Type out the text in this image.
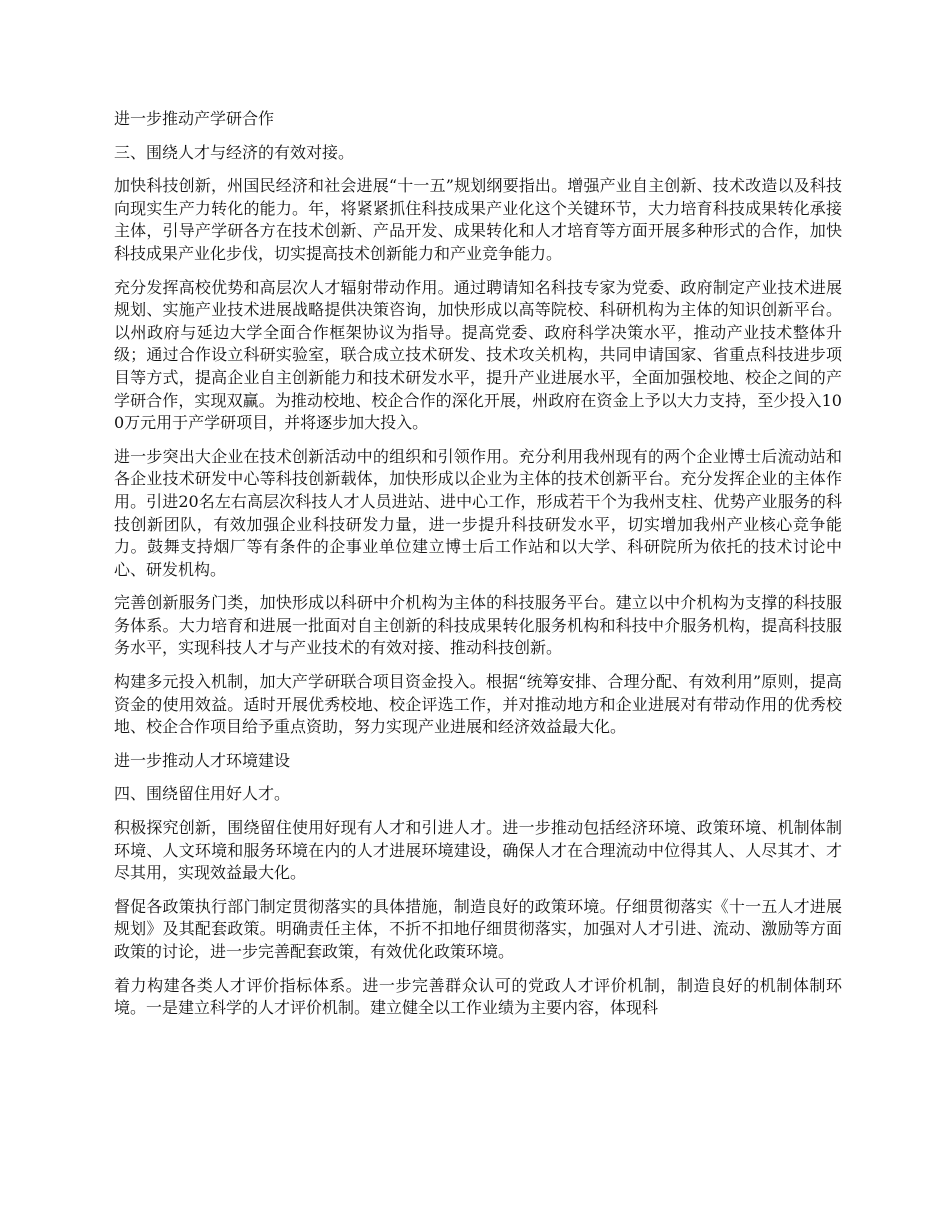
进一步推动产学研合作

三、围绕人才与经济的有效对接。

加快科技创新，州国民经济和社会进展“十一五”规划纲要指出。增强产业自主创新、技术改造以及科技向现实生产力转化的能力。年，将紧紧抓住科技成果产业化这个关键环节，大力培育科技成果转化承接主体，引导产学研各方在技术创新、产品开发、成果转化和人才培育等方面开展多种形式的合作，加快科技成果产业化步伐，切实提高技术创新能力和产业竞争能力。

充分发挥高校优势和高层次人才辐射带动作用。通过聘请知名科技专家为党委、政府制定产业技术进展规划、实施产业技术进展战略提供决策咨询，加快形成以高等院校、科研机构为主体的知识创新平台。以州政府与延边大学全面合作框架协议为指导。提高党委、政府科学决策水平，推动产业技术整体升级；通过合作设立科研实验室，联合成立技术研发、技术攻关机构，共同申请国家、省重点科技进步项目等方式，提高企业自主创新能力和技术研发水平，提升产业进展水平，全面加强校地、校企之间的产学研合作，实现双赢。为推动校地、校企合作的深化开展，州政府在资金上予以大力支持，至少投入100万元用于产学研项目，并将逐步加大投入。

进一步突出大企业在技术创新活动中的组织和引领作用。充分利用我州现有的两个企业博士后流动站和各企业技术研发中心等科技创新载体，加快形成以企业为主体的技术创新平台。充分发挥企业的主体作用。引进20名左右高层次科技人才人员进站、进中心工作，形成若干个为我州支柱、优势产业服务的科技创新团队，有效加强企业科技研发力量，进一步提升科技研发水平，切实增加我州产业核心竞争能力。鼓舞支持烟厂等有条件的企事业单位建立博士后工作站和以大学、科研院所为依托的技术讨论中心、研发机构。

完善创新服务门类，加快形成以科研中介机构为主体的科技服务平台。建立以中介机构为支撑的科技服务体系。大力培育和进展一批面对自主创新的科技成果转化服务机构和科技中介服务机构，提高科技服务水平，实现科技人才与产业技术的有效对接、推动科技创新。

构建多元投入机制，加大产学研联合项目资金投入。根据“统筹安排、合理分配、有效利用”原则，提高资金的使用效益。适时开展优秀校地、校企评选工作，并对推动地方和企业进展对有带动作用的优秀校地、校企合作项目给予重点资助，努力实现产业进展和经济效益最大化。

进一步推动人才环境建设

四、围绕留住用好人才。

积极探究创新，围绕留住使用好现有人才和引进人才。进一步推动包括经济环境、政策环境、机制体制环境、人文环境和服务环境在内的人才进展环境建设，确保人才在合理流动中位得其人、人尽其才、才尽其用，实现效益最大化。

督促各政策执行部门制定贯彻落实的具体措施，制造良好的政策环境。仔细贯彻落实《十一五人才进展规划》及其配套政策。明确责任主体，不折不扣地仔细贯彻落实，加强对人才引进、流动、激励等方面政策的讨论，进一步完善配套政策，有效优化政策环境。

着力构建各类人才评价指标体系。进一步完善群众认可的党政人才评价机制，制造良好的机制体制环境。一是建立科学的人才评价机制。建立健全以工作业绩为主要内容，体现科
